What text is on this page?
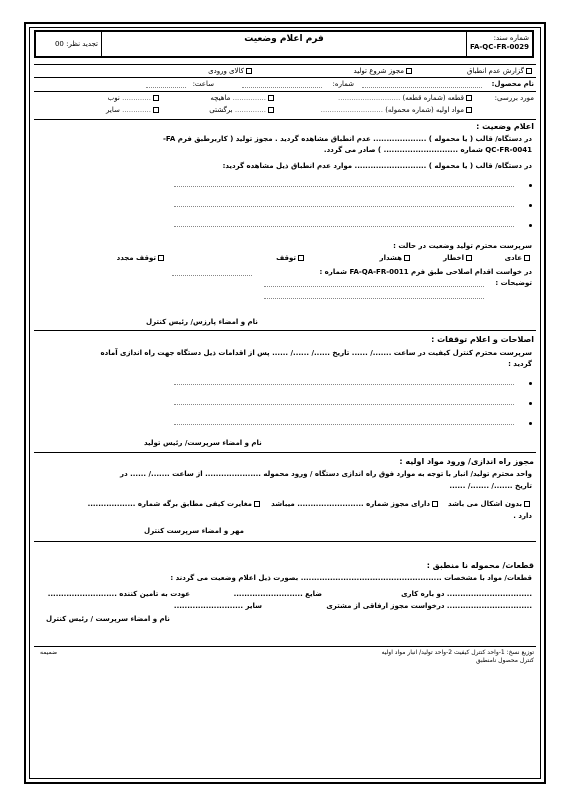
شماره سند:
FA-QC-FR-0029
فرم اعلام وضعیت
تجدید نظر: 00
گزارش عدم انطباق
مجوز شروع تولید
کالای ورودی
نام محصول:
شماره:
ساعت:
مورد بررسی:
قطعه (شماره قطعه) ............................
............... ماهیچه
............. نوب
مواد اولیه (شماره محموله) ............................
.............. برگشتی
............. سایر
اعلام وضعیت :
در دستگاه/ قالب ( یا محموله ) .................... عدم انطباق مشاهده گردید . مجوز تولید ( کاربرطبق فرم FA-
QC-FR-0041 شماره ............................ ) صادر می گردد.
در دستگاه/ قالب ( یا محموله ) ........................... موارد عدم انطباق ذیل مشاهده گردید:
سرپرست محترم تولید وضعیت در حالت :
عادی
اخطار
هشدار
توقف
توقف مجدد
در خواست اقدام اصلاحی طبق فرم FA-QA-FR-0011 شماره :
توضیحات :
نام و امضاء پارزس/ رئیس کنترل
اصلاحات و اعلام توقفات :
سرپرست محترم کنترل کیفیت در ساعت ......./ ...... تاریخ ....../ ....../ ...... پس از اقدامات ذیل دستگاه جهت راه اندازی آماده
گردید :
نام و امضاء سرپرست/ رئیس تولید
مجوز راه اندازی/ ورود مواد اولیه :
واحد محترم تولید/ انبار با توجه به موارد فوق راه اندازی دستگاه / ورود محموله ..................... از ساعت ......./ ...... در
تاریخ ......./ ......./ ......
بدون اشکال می باشد
دارای مجوز شماره ......................... میباشد
مغایرت کیفی مطابق برگه شماره ..................
دارد .
مهر و امضاء سرپرست کنترل
قطعات/ محموله نا منطبق :
قطعات/ مواد با مشخصات ..................................................... بصورت ذیل اعلام وضعیت می گردند :
................................ دو باره کاری
ضایع ..........................
عودت به تامین کننده ..........................
................................ درخواست مجوز ارفاقی از مشتری
سایر ..........................
نام و امضاء سرپرست / رئیس کنترل
توزیع نسخ: 1-واحد کنترل کیفیت 2-واحد تولید/ انبار مواد اولیه
کنترل محصول نامنطبق
ضمیمه
